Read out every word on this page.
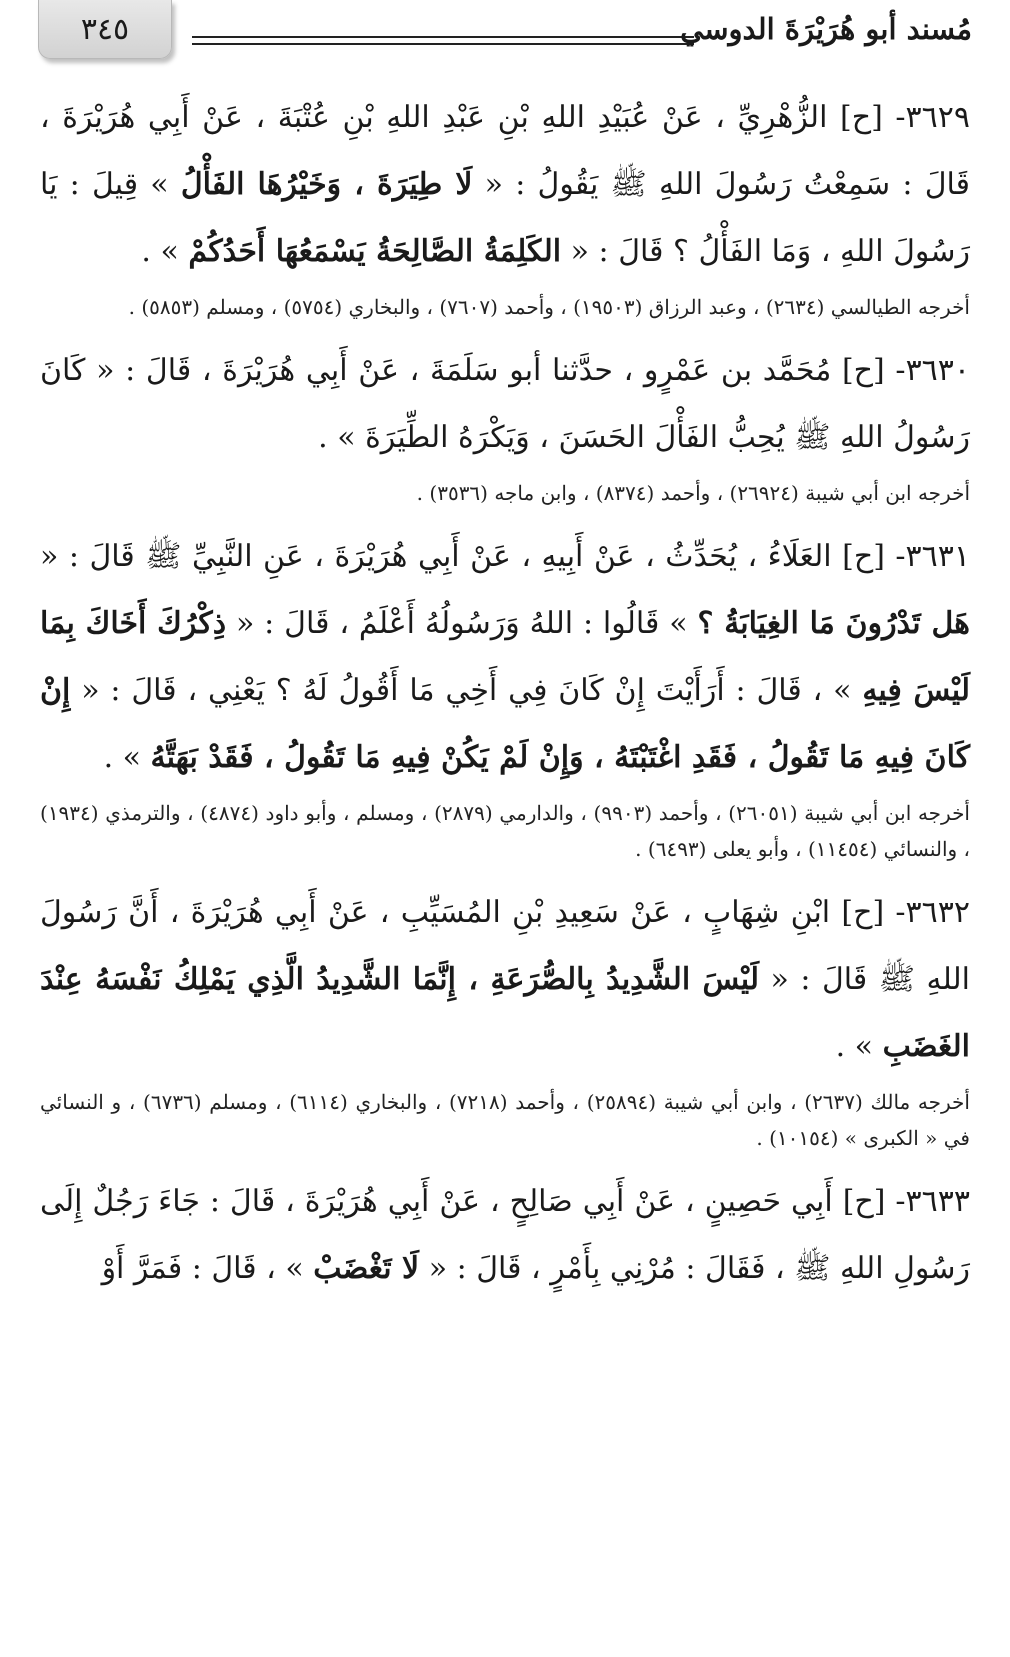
٣٤٥	مُسند أبو هُرَيْرَةَ الدوسي

٣٦٢٩- [ح] الزُّهْرِيِّ ، عَنْ عُبَيْدِ اللهِ بْنِ عَبْدِ اللهِ بْنِ عُتْبَةَ ، عَنْ أَبِي هُرَيْرَةَ ، قَالَ : سَمِعْتُ رَسُولَ اللهِ ﷺ يَقُولُ : « لَا طِيَرَةَ ، وَخَيْرُهَا الفَأْلُ » قِيلَ : يَا رَسُولَ اللهِ ، وَمَا الفَأْلُ ؟ قَالَ : « الكَلِمَةُ الصَّالِحَةُ يَسْمَعُهَا أَحَدُكُمْ » .

أخرجه الطيالسي (٢٦٣٤) ، وعبد الرزاق (١٩٥٠٣) ، وأحمد (٧٦٠٧) ، والبخاري (٥٧٥٤) ، ومسلم (٥٨٥٣) .

٣٦٣٠- [ح] مُحَمَّد بن عَمْرٍو ، حدَّثنا أبو سَلَمَةَ ، عَنْ أَبِي هُرَيْرَةَ ، قَالَ : « كَانَ رَسُولُ اللهِ ﷺ يُحِبُّ الفَأْلَ الحَسَنَ ، وَيَكْرَهُ الطِّيَرَةَ » .

أخرجه ابن أبي شيبة (٢٦٩٢٤) ، وأحمد (٨٣٧٤) ، وابن ماجه (٣٥٣٦) .

٣٦٣١- [ح] العَلَاءُ ، يُحَدِّثُ ، عَنْ أَبِيهِ ، عَنْ أَبِي هُرَيْرَةَ ، عَنِ النَّبِيِّ ﷺ قَالَ : « هَل تَدْرُونَ مَا الغِيَابَةُ ؟ » قَالُوا : اللهُ وَرَسُولُهُ أَعْلَمُ ، قَالَ : « ذِكْرُكَ أَخَاكَ بِمَا لَيْسَ فِيهِ » ، قَالَ : أَرَأَيْتَ إِنْ كَانَ فِي أَخِي مَا أَقُولُ لَهُ ؟ يَعْنِي ، قَالَ : « إِنْ كَانَ فِيهِ مَا تَقُولُ ، فَقَدِ اغْتَبْتَهُ ، وَإِنْ لَمْ يَكُنْ فِيهِ مَا تَقُولُ ، فَقَدْ بَهَتَّهُ » .

أخرجه ابن أبي شيبة (٢٦٠٥١) ، وأحمد (٩٩٠٣) ، والدارمي (٢٨٧٩) ، ومسلم ، وأبو داود (٤٨٧٤) ، والترمذي (١٩٣٤) ، والنسائي (١١٤٥٤) ، وأبو يعلى (٦٤٩٣) .

٣٦٣٢- [ح] ابْنِ شِهَابٍ ، عَنْ سَعِيدِ بْنِ المُسَيِّبِ ، عَنْ أَبِي هُرَيْرَةَ ، أَنَّ رَسُولَ اللهِ ﷺ قَالَ : « لَيْسَ الشَّدِيدُ بِالصُّرَعَةِ ، إِنَّمَا الشَّدِيدُ الَّذِي يَمْلِكُ نَفْسَهُ عِنْدَ الغَضَبِ » .

أخرجه مالك (٢٦٣٧) ، وابن أبي شيبة (٢٥٨٩٤) ، وأحمد (٧٢١٨) ، والبخاري (٦١١٤) ، ومسلم (٦٧٣٦) ، و النسائي في « الكبرى » (١٠١٥٤) .

٣٦٣٣- [ح] أَبِي حَصِينٍ ، عَنْ أَبِي صَالِحٍ ، عَنْ أَبِي هُرَيْرَةَ ، قَالَ : جَاءَ رَجُلٌ إِلَى رَسُولِ اللهِ ﷺ ، فَقَالَ : مُرْنِي بِأَمْرٍ ، قَالَ : « لَا تَغْضَبْ » ، قَالَ : فَمَرَّ أَوْ
